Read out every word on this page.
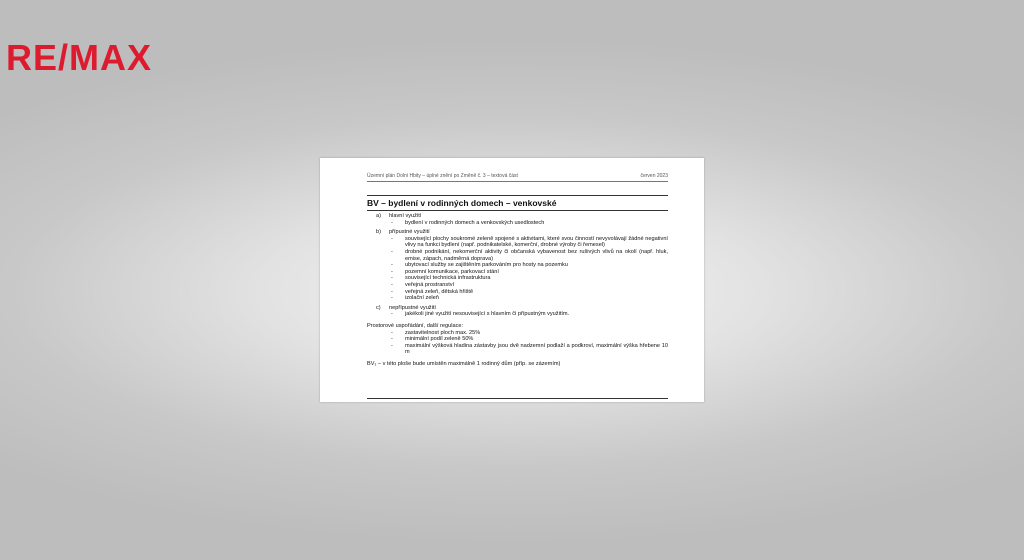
RE/MAX
Územní plán Dolní Hbity – úplné znění po Změně č. 3 – textová část	červen 2023
BV – bydlení v rodinných domech – venkovské
a) hlavní využití
- bydlení v rodinných domech a venkovských usedlostech
b) přípustné využití
- související plochy soukromé zeleně spojené s aktivitami, které svou činností nevyvolávají žádné negativní vlivy na funkci bydlení (např. podnikatelské, komerční, drobné výroby či řemesel)
- drobné podnikání, nekomerční aktivity či občanská vybavenost bez rušivých vlivů na okolí (např. hluk, emise, zápach, nadměrná doprava)
- ubytovací služby se zajištěním parkováním pro hosty na pozemku
- pozemní komunikace, parkovací stání
- související technická infrastruktura
- veřejná prostranství
- veřejná zeleň, dětská hřiště
- izolační zeleň
c) nepřípustné využití
- jakékoli jiné využití nesouvisející s hlavním či přípustným využitím.
Prostorové uspořádání, další regulace:
- zastavitelnost ploch max. 25%
- minimální podíl zeleně 50%
- maximální výšková hladina zástavby jsou dvě nadzemní podlaží a podkroví, maximální výška hřebene 10 m
BV₁ – v této ploše bude umístěn maximálně 1 rodinný dům (příp. se zázemím)
